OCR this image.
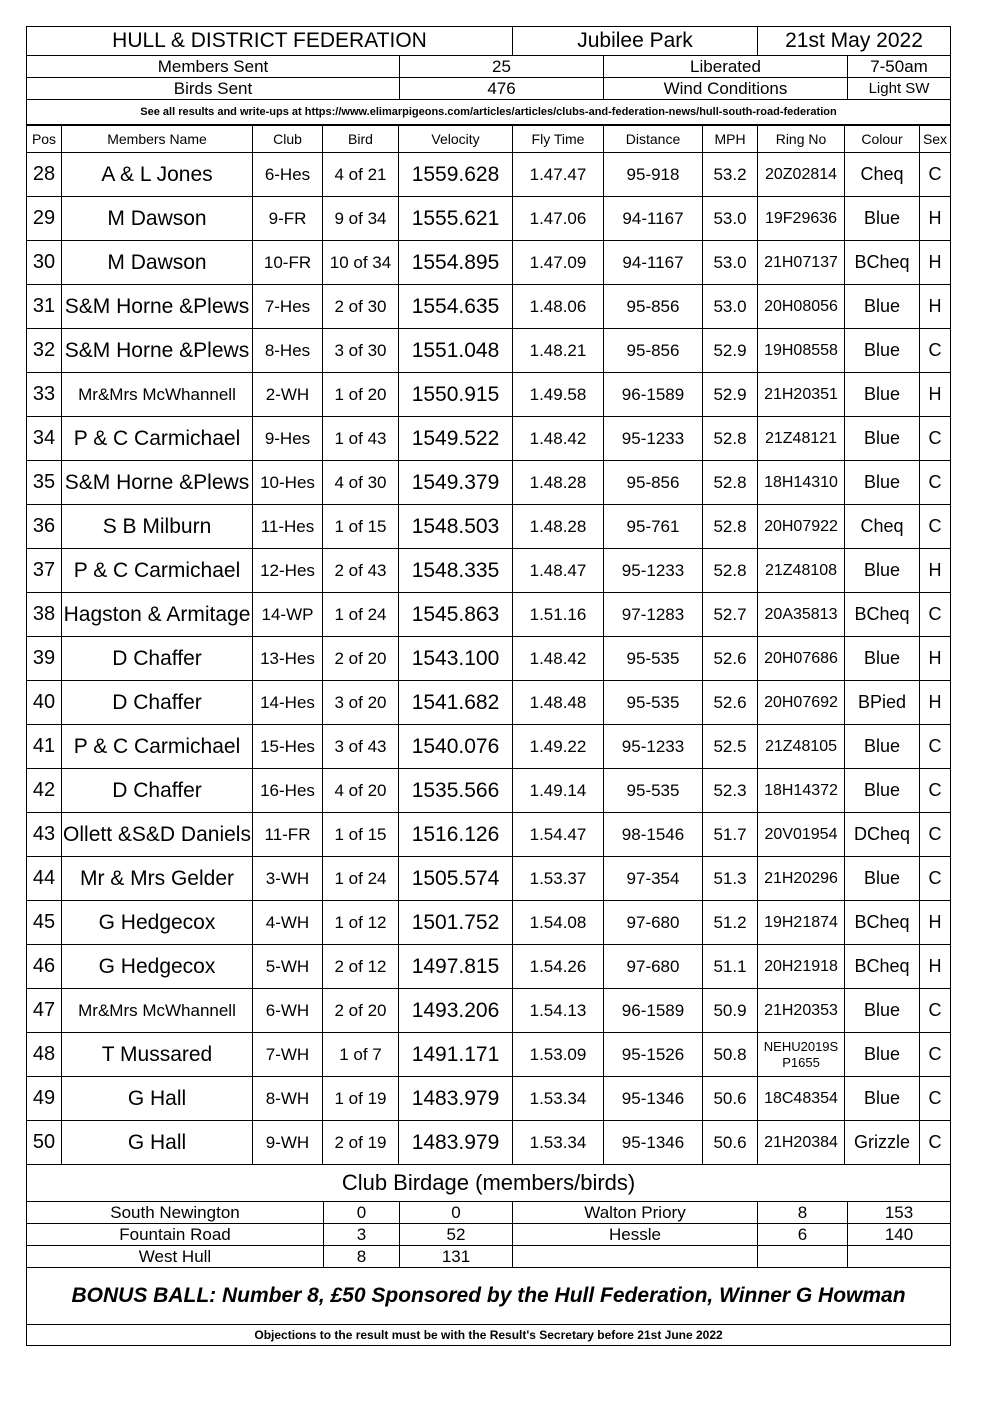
HULL & DISTRICT FEDERATION		Jubilee Park		21st May 2022	
Members Sent	25		Liberated		7-50am
Birds Sent	476		Wind Conditions		Light SW
See all results and write-ups at https://www.elimarpigeons.com/articles/articles/clubs-and-federation-news/hull-south-road-federation					
Pos	Members Name	Club	Bird	Velocity	Fly Time	Distance	MPH	Ring No	Colour	Sex
28	A & L Jones	6-Hes	4 of 21	1559.628	1.47.47	95-918	53.2	20Z02814	Cheq	C
29	M Dawson	9-FR	9 of 34	1555.621	1.47.06	94-1167	53.0	19F29636	Blue	H
30	M Dawson	10-FR	10 of 34	1554.895	1.47.09	94-1167	53.0	21H07137	BCheq	H
31	S&M Horne &Plews	7-Hes	2 of 30	1554.635	1.48.06	95-856	53.0	20H08056	Blue	H
32	S&M Horne &Plews	8-Hes	3 of 30	1551.048	1.48.21	95-856	52.9	19H08558	Blue	C
33	Mr&Mrs McWhannell	2-WH	1 of 20	1550.915	1.49.58	96-1589	52.9	21H20351	Blue	H
34	P & C Carmichael	9-Hes	1 of 43	1549.522	1.48.42	95-1233	52.8	21Z48121	Blue	C
35	S&M Horne &Plews	10-Hes	4 of 30	1549.379	1.48.28	95-856	52.8	18H14310	Blue	C
36	S B Milburn	11-Hes	1 of 15	1548.503	1.48.28	95-761	52.8	20H07922	Cheq	C
37	P & C Carmichael	12-Hes	2 of 43	1548.335	1.48.47	95-1233	52.8	21Z48108	Blue	H
38	Hagston & Armitage	14-WP	1 of 24	1545.863	1.51.16	97-1283	52.7	20A35813	BCheq	C
39	D Chaffer	13-Hes	2 of 20	1543.100	1.48.42	95-535	52.6	20H07686	Blue	H
40	D Chaffer	14-Hes	3 of 20	1541.682	1.48.48	95-535	52.6	20H07692	BPied	H
41	P & C Carmichael	15-Hes	3 of 43	1540.076	1.49.22	95-1233	52.5	21Z48105	Blue	C
42	D Chaffer	16-Hes	4 of 20	1535.566	1.49.14	95-535	52.3	18H14372	Blue	C
43	Ollett &S&D Daniels	11-FR	1 of 15	1516.126	1.54.47	98-1546	51.7	20V01954	DCheq	C
44	Mr & Mrs Gelder	3-WH	1 of 24	1505.574	1.53.37	97-354	51.3	21H20296	Blue	C
45	G Hedgecox	4-WH	1 of 12	1501.752	1.54.08	97-680	51.2	19H21874	BCheq	H
46	G Hedgecox	5-WH	2 of 12	1497.815	1.54.26	97-680	51.1	20H21918	BCheq	H
47	Mr&Mrs McWhannell	6-WH	2 of 20	1493.206	1.54.13	96-1589	50.9	21H20353	Blue	C
48	T Mussared	7-WH	1 of 7	1491.171	1.53.09	95-1526	50.8	NEHU2019S P1655	Blue	C
49	G Hall	8-WH	1 of 19	1483.979	1.53.34	95-1346	50.6	18C48354	Blue	C
50	G Hall	9-WH	2 of 19	1483.979	1.53.34	95-1346	50.6	21H20384	Grizzle	C
Club Birdage (members/birds)					
South Newington	0	0	Walton Priory	8	153
Fountain Road	3	52	Hessle	6	140
West Hull	8	131			
BONUS BALL: Number 8, £50 Sponsored by the Hull Federation, Winner G Howman					
Objections to the result must be with the Result's Secretary before 21st June 2022					
